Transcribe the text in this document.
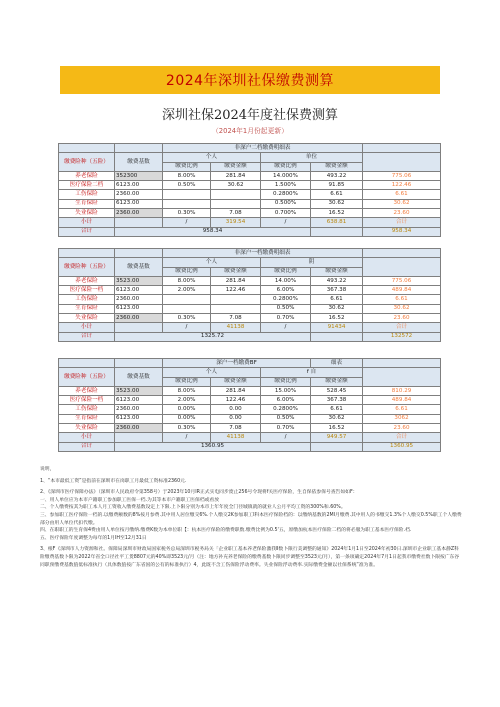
2024年深圳社保缴费测算
深圳社保2024年度社保费测算
（2024年1月份起更新）
		非深户二档缴费明细表				
缴费险种（五险）	缴费基数	个人		单位		
		缴费比例	缴费金额	缴费比例	缴费金额	
养老保险	352300	8.00%	281.84	14.000%	493.22	775.06
医疗保险二档	6123.00	0.50%	30.62	1.500%	91.85	122.46
工伤保险	2360.00			0.2800%	6.61	6.61
生育保险	6123.00			0.500%	30.62	30.62
失业保险	2360.00	0.30%	7.08	0.700%	16.52	23.60
小计		/	319.54	/	638.81	合计
合计	958.34					958.34
		非深户一档缴费明细表				
缴费险种（五险）	缴费基数	个人		阴		
		缴费比例	缴费金额	缴费比例	缴费金额	
养老保险	3523.00	8.00%	281.84	14.00%	493.22	775.06
医疗保险一档	6123.00	2.00%	122.46	6.00%	367.38	489.84
工伤保险	2360.00			0.2800%	6.61	6.61
生育保险	6123.00			0.50%	30.62	30.62
失业保险	2360.00	0.30%	7.08	0.70%	16.52	23.60
小计		/	41138	/	91434	合计
合计	1325.72					132572
		深户一档缴费BF			细表	
缴费险种（五险）	缴费基数	个人		f 自		
		缴费比例	缴费金额	缴费比例	缴费金额	
养老保险	3523.00	8.00%	281.84	15.00%	528.45	810.29
医疗保险一档	6123.00	2.00%	122.46	6.00%	367.38	489.84
工伤保险	2360.00	0.00%	0.00	0.2800%	6.61	6.61
生育保险	6123.00	0.00%	0.00	0.50%	30.62	3062
失业保险	2360.00	0.30%	7.08	0.70%	16.52	23.60
小计		/	41138	/	949.57	合计
合计	1360.95					1360.95

说明，

1、“本市最低工资”是指前在深圳市在岗职工月最低工资标准2360元.

2、《深圳市医疗保障办法》（深圳市人民政府令第358号）于2023年10月IR正式实电同步废止256号令现将f关医疗保险，生自保依参保号查告如如F：

一、用人单位应为本市户籍职工参加职工医保一档.为其等本市户籍职工医保档或看放

二、个人缴费按其为职工本人月工资收入缴费基数设定上下限.上卜限分别为本市上年年度全门径城镇就的就业人公月平均工资的300%和.60%。

三、参加职工医疗保险一档的.以缴费额数的8%按月参费.其中用人居位缴交6%.个人缴交2K参加职工I科本医疗保险档的：以缴纳基数的2MI月缴费.其中用人的书缴交1.3%个人缴交0.5%职工个人缴费部分由用人单位代扣代缴。

四、在职职工的生育保4费由用人单位按月缴纳.缴费K数为本单位职【：杭本医疗保险的缴费职数.缴费比例为0.5'五，原缴加杭本医疗保险二档的将必服为职工基本医疗保险.档.

五、医疗保险年度调整为每年的1月IH至12月31日

3、根F《深圳市人力资源和社。保障局深圳市财政局国家税务总局深圳市税务局关「企业职工基本养老保险激我Ⅱ数卜限行美调整的通知》2024年1月1日至2024年初30日.深圳市企业职工基本静Z科险缴费基数卜限为2022年省全口径社平工货8807元的40%即3523元/月（注：地方补充养老保险的缴费基数卜限同步调整至3523元/月），第一条项确定2024年7月1日起我市缴费社数卜限按广东谷同职预缴费基数值低标准执行（具体数值按广东省国的公有的标准执行）4，此既不含工伤保险浮动费率。失业保险浮动费率.实际缴费金额以社保系统“准为准。
